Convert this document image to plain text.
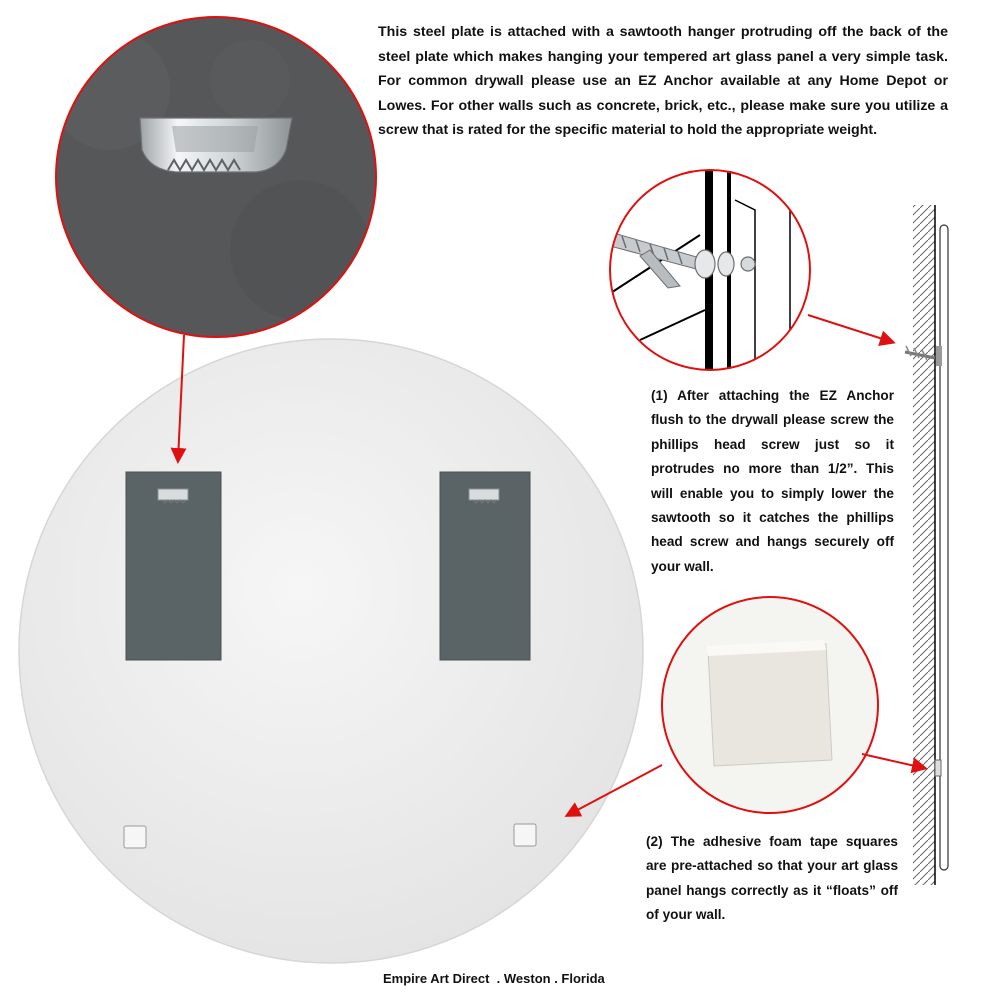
This steel plate is attached with a sawtooth hanger protruding off the back of the steel plate which makes hanging your tempered art glass panel a very simple task. For common drywall please use an EZ Anchor available at any Home Depot or Lowes. For other walls such as concrete, brick, etc., please make sure you utilize a screw that is rated for the specific material to hold the appropriate weight.
(1) After attaching the EZ Anchor flush to the drywall please screw the phillips head screw just so it protrudes no more than 1/2”. This will enable you to simply lower the sawtooth so it catches the phillips head screw and hangs securely off your wall.
(2) The adhesive foam tape squares are pre-attached so that your art glass panel hangs correctly as it “floats” off of your wall.
Empire Art Direct  . Weston . Florida
